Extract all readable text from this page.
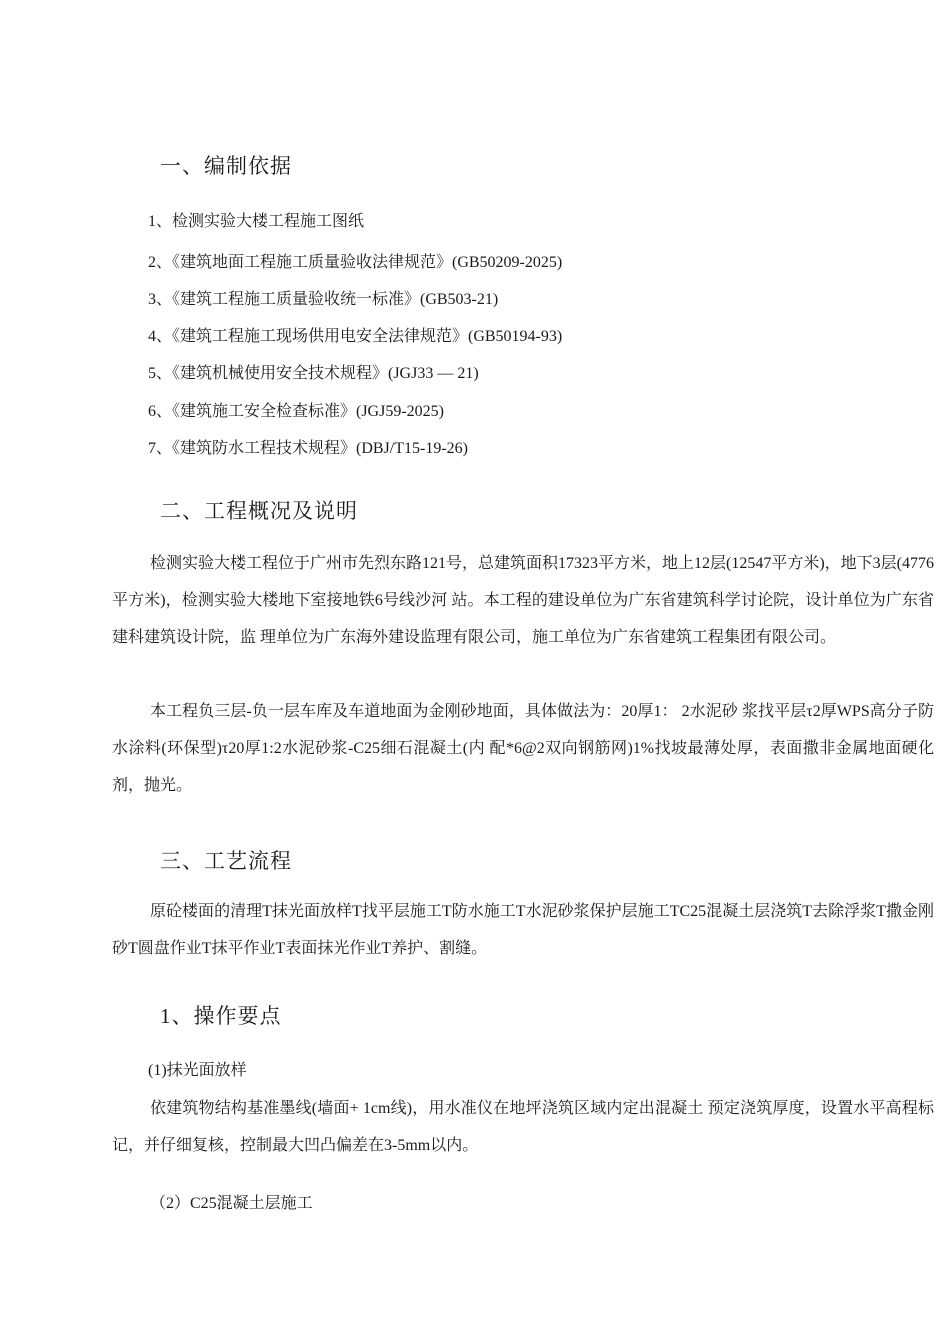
一、编制依据

1、检测实验大楼工程施工图纸

2、《建筑地面工程施工质量验收法律规范》(GB50209-2025)

3、《建筑工程施工质量验收统一标准》(GB503-21)

4、《建筑工程施工现场供用电安全法律规范》(GB50194-93)

5、《建筑机械使用安全技术规程》(JGJ33 — 21)

6、《建筑施工安全检查标准》(JGJ59-2025)

7、《建筑防水工程技术规程》(DBJ/T15-19-26)

二、工程概况及说明

检测实验大楼工程位于广州市先烈东路121号，总建筑面积17323平方米，地上12层(12547平方米)，地下3层(4776平方米)，检测实验大楼地下室接地铁6号线沙河 站。本工程的建设单位为广东省建筑科学讨论院，设计单位为广东省建科建筑设计院，监 理单位为广东海外建设监理有限公司，施工单位为广东省建筑工程集团有限公司。

本工程负三层-负一层车库及车道地面为金刚砂地面，具体做法为：20厚1： 2水泥砂 浆找平层τ2厚WPS高分子防水涂料(环保型)τ20厚1:2水泥砂浆-C25细石混凝土(内 配*6@2双向钢筋网)1%找坡最薄处厚，表面撒非金属地面硬化剂，抛光。

三、工艺流程

原砼楼面的清理T抹光面放样T找平层施工T防水施工T水泥砂浆保护层施工TC25混凝土层浇筑T去除浮浆T撒金刚砂T圆盘作业T抹平作业T表面抹光作业T养护、割缝。

1、操作要点

(1)抹光面放样

依建筑物结构基准墨线(墙面+ 1cm线)，用水准仪在地坪浇筑区域内定出混凝土 预定浇筑厚度，设置水平高程标记，并仔细复核，控制最大凹凸偏差在3-5mm以内。

（2）C25混凝土层施工
